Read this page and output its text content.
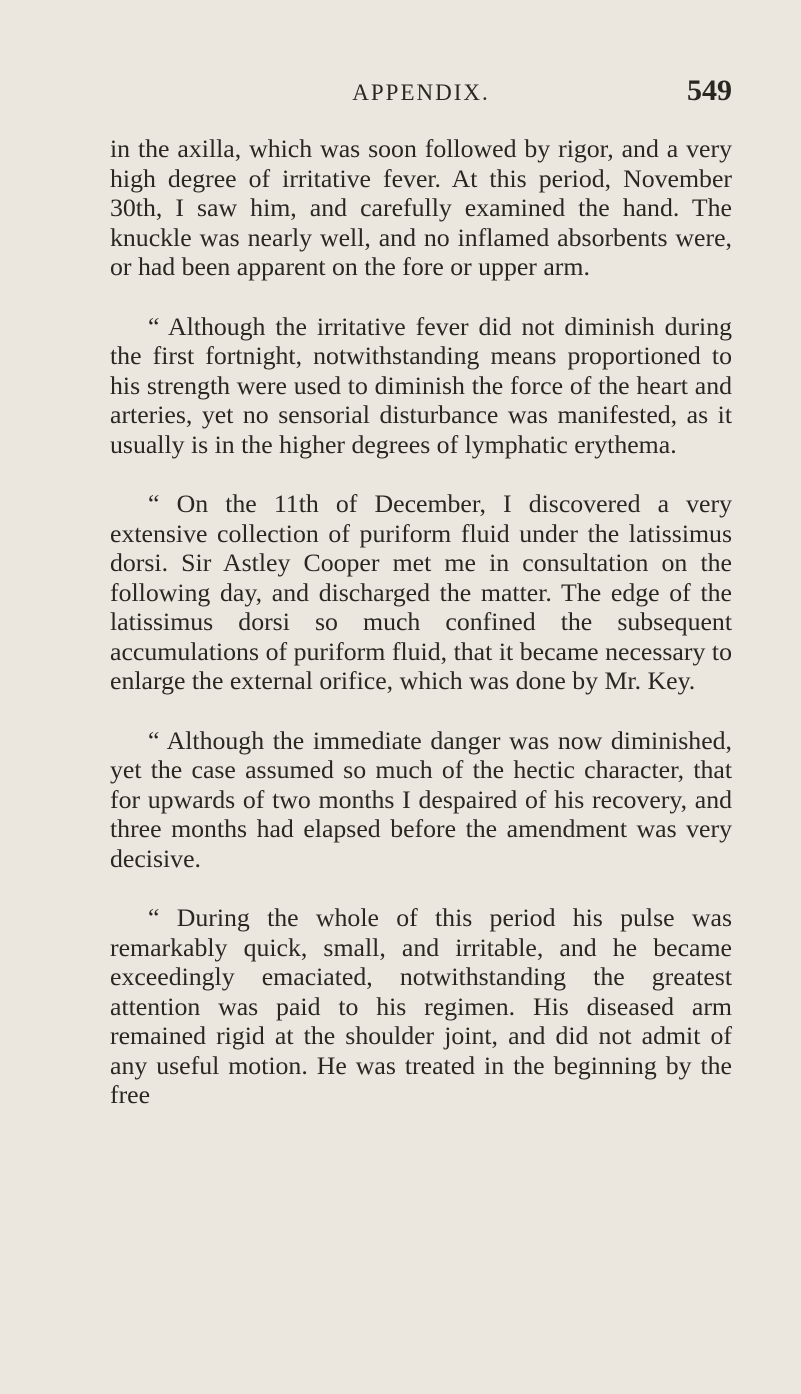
APPENDIX.	549

in the axilla, which was soon followed by rigor, and a very high degree of irritative fever. At this period, November 30th, I saw him, and carefully examined the hand. The knuckle was nearly well, and no inflamed absorbents were, or had been apparent on the fore or upper arm.

“ Although the irritative fever did not diminish during the first fortnight, notwithstanding means proportioned to his strength were used to diminish the force of the heart and arteries, yet no sensorial disturbance was manifested, as it usually is in the higher degrees of lymphatic erythema.

“ On the 11th of December, I discovered a very extensive collection of puriform fluid under the latissimus dorsi. Sir Astley Cooper met me in consultation on the following day, and discharged the matter. The edge of the latissimus dorsi so much confined the subsequent accumulations of puriform fluid, that it became necessary to enlarge the external orifice, which was done by Mr. Key.

“ Although the immediate danger was now diminished, yet the case assumed so much of the hectic character, that for upwards of two months I despaired of his recovery, and three months had elapsed before the amendment was very decisive.

“ During the whole of this period his pulse was remarkably quick, small, and irritable, and he became exceedingly emaciated, notwithstanding the greatest attention was paid to his regimen. His diseased arm remained rigid at the shoulder joint, and did not admit of any useful motion. He was treated in the beginning by the free
